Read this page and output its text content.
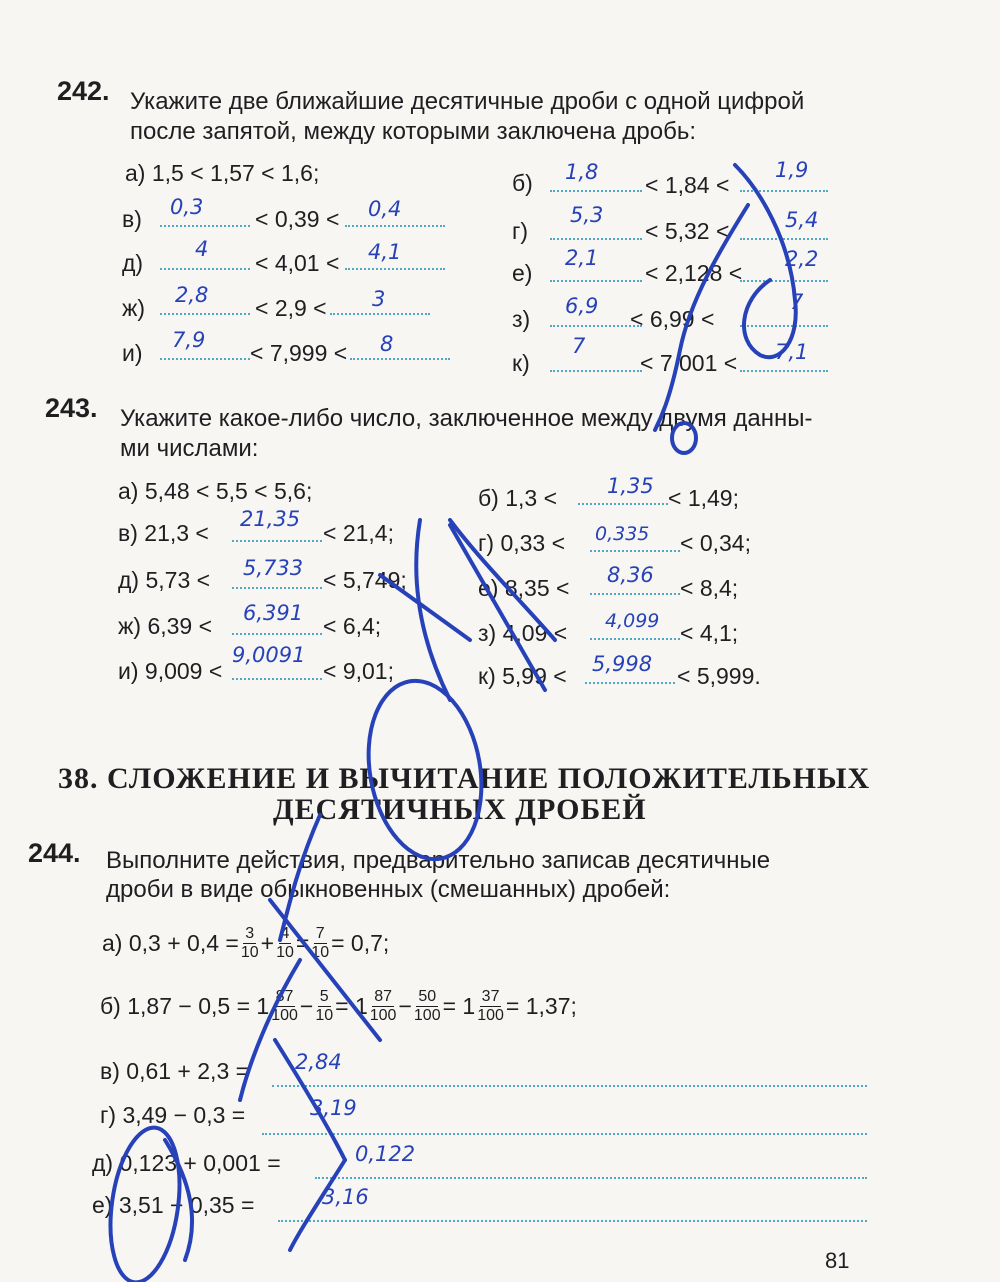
242. Укажите две ближайшие десятичные дроби с одной цифрой
после запятой, между которыми заключена дробь:
а) 1,5 < 1,57 < 1,6;
в) 0,3 < 0,39 < 0,4
д)
4
< 4,01 < 4,1
ж) 2,8 < 2,9 < 3
и) 7,9 < 7,999 < 8
б) 1,8 < 1,84 <
1,9
г)
5,3
< 5,32 <	5,4
е)
2,1
< 2,128 <
2,2
з) 6,9 < 6,99 <
7
к)
7
< 7,001 < 7,1
243. Укажите какое-либо число, заключенное между двумя данны-
ми числами:
а) 5,48 < 5,5 < 5,6;
в) 21,3 <
21,35
< 21,4;
д) 5,73 < 5,733 < 5,749;
ж) 6,39 < 6,391 < 6,4;
и) 9,009 <
9,0091
< 9,01;
б) 1,3 < 1,35 < 1,49;
г) 0,33 < 0,335 < 0,34;
е) 8,35 < 8,36 < 8,4;
з) 4,09 < 4,099 < 4,1;
к) 5,99 < 5,998 < 5,999.
38. СЛОЖЕНИЕ И ВЫЧИТАНИЕ ПОЛОЖИТЕЛЬНЫХ
ДЕСЯТИЧНЫХ ДРОБЕЙ
244. Выполните действия, предварительно записав десятичные
дроби в виде обыкновенных (смешанных) дробей:
а)
$0,3 + 0,4 = \frac{3}{10} + \frac{4}{10} = \frac{7}{10} = 0,7$;
б)
$1,87 - 0,5 = 1 \frac{87}{100} - \frac{5}{10} = 1 \frac{87}{100} - \frac{50}{100} = 1 \frac{37}{100} = 1,37$;
в) 0,61 + 2,3 = 2,84
г) 3,49 − 0,3 =	3,19
д) 0,123 + 0,001 =	0,122
е) 3,51 − 0,35 =	3,16
81
